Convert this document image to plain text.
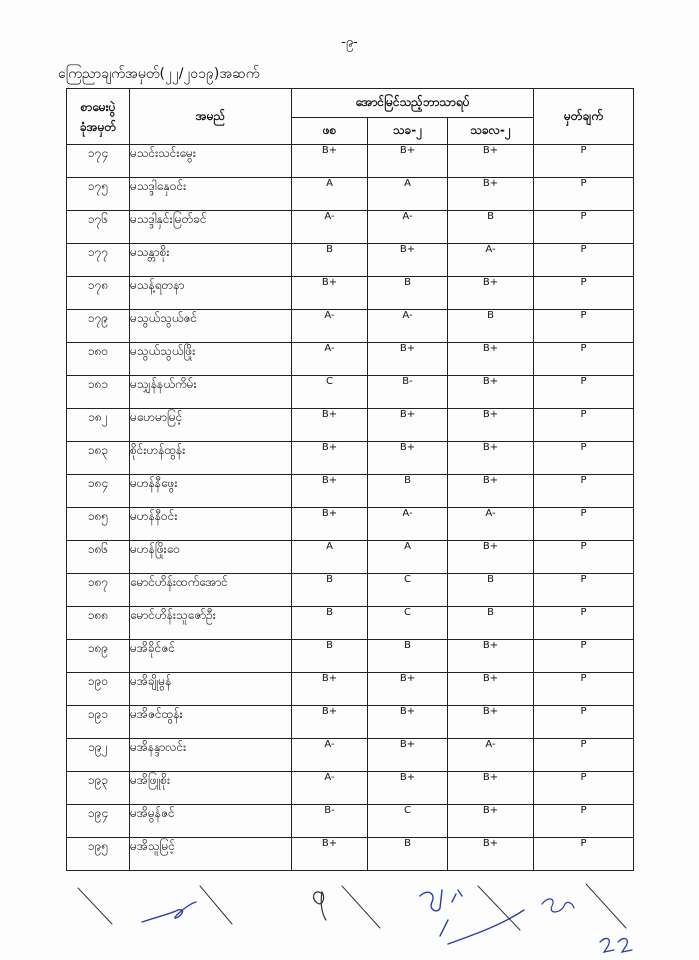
-၉-
ကြေညာချက်အမှတ်(၂၂/၂၀၁၉)အဆက်
စာမေးပွဲ
ခုံအမှတ်	အမည်	အောင်မြင်သည့်ဘာသာရပ်			မှတ်ချက်
		ဖစ	သခ-၂	သခလ-၂	
၁၇၄	မသင်းသင်းမွေး	B+	B+	B+	P
၁၇၅	မသဒ္ဒါနှေဝင်း	A	A	B+	P
၁၇၆	မသဒ္ဒါနှင်းမြတ်ခင်	A-	A-	B	P
၁၇၇	မသန္တာစိုး	B	B+	A-	P
၁၇၈	မသန့်ရတနာ	B+	B	B+	P
၁၇၉	မသွယ်သွယ်ဇင်	A-	A-	B	P
၁၈၀	မသွယ်သွယ်ဖြိုး	A-	B+	B+	P
၁၈၁	မသျှန်နယ်ကိမ်း	C	B-	B+	P
၁၈၂	မဟေမာမြင့်	B+	B+	B+	P
၁၈၃	စိုင်းဟန်ထွန်း	B+	B+	B+	P
၁၈၄	မဟန်နီဖွေး	B+	B	B+	P
၁၈၅	မဟန်နီဝင်း	B+	A-	A-	P
၁၈၆	မဟန်ဖြိုးဝေ	A	A	B+	P
၁၈၇	မောင်ဟိန်းထက်အောင်	B	C	B	P
၁၈၈	မောင်ဟိန်းသူဇော်ဦး	B	C	B	P
၁၈၉	မအိခိုင်ဇင်	B	B	B+	P
၁၉၀	မအိချိုမွန်	B+	B+	B+	P
၁၉၁	မအိဇင်ထွန်း	B+	B+	B+	P
၁၉၂	မအိနန္ဒာလင်း	A-	B+	A-	P
၁၉၃	မအိဖြူစိုး	A-	B+	B+	P
၁၉၄	မအိမွန်ဇင်	B-	C	B+	P
၁၉၅	မအိသူမြင့်	B+	B	B+	P
